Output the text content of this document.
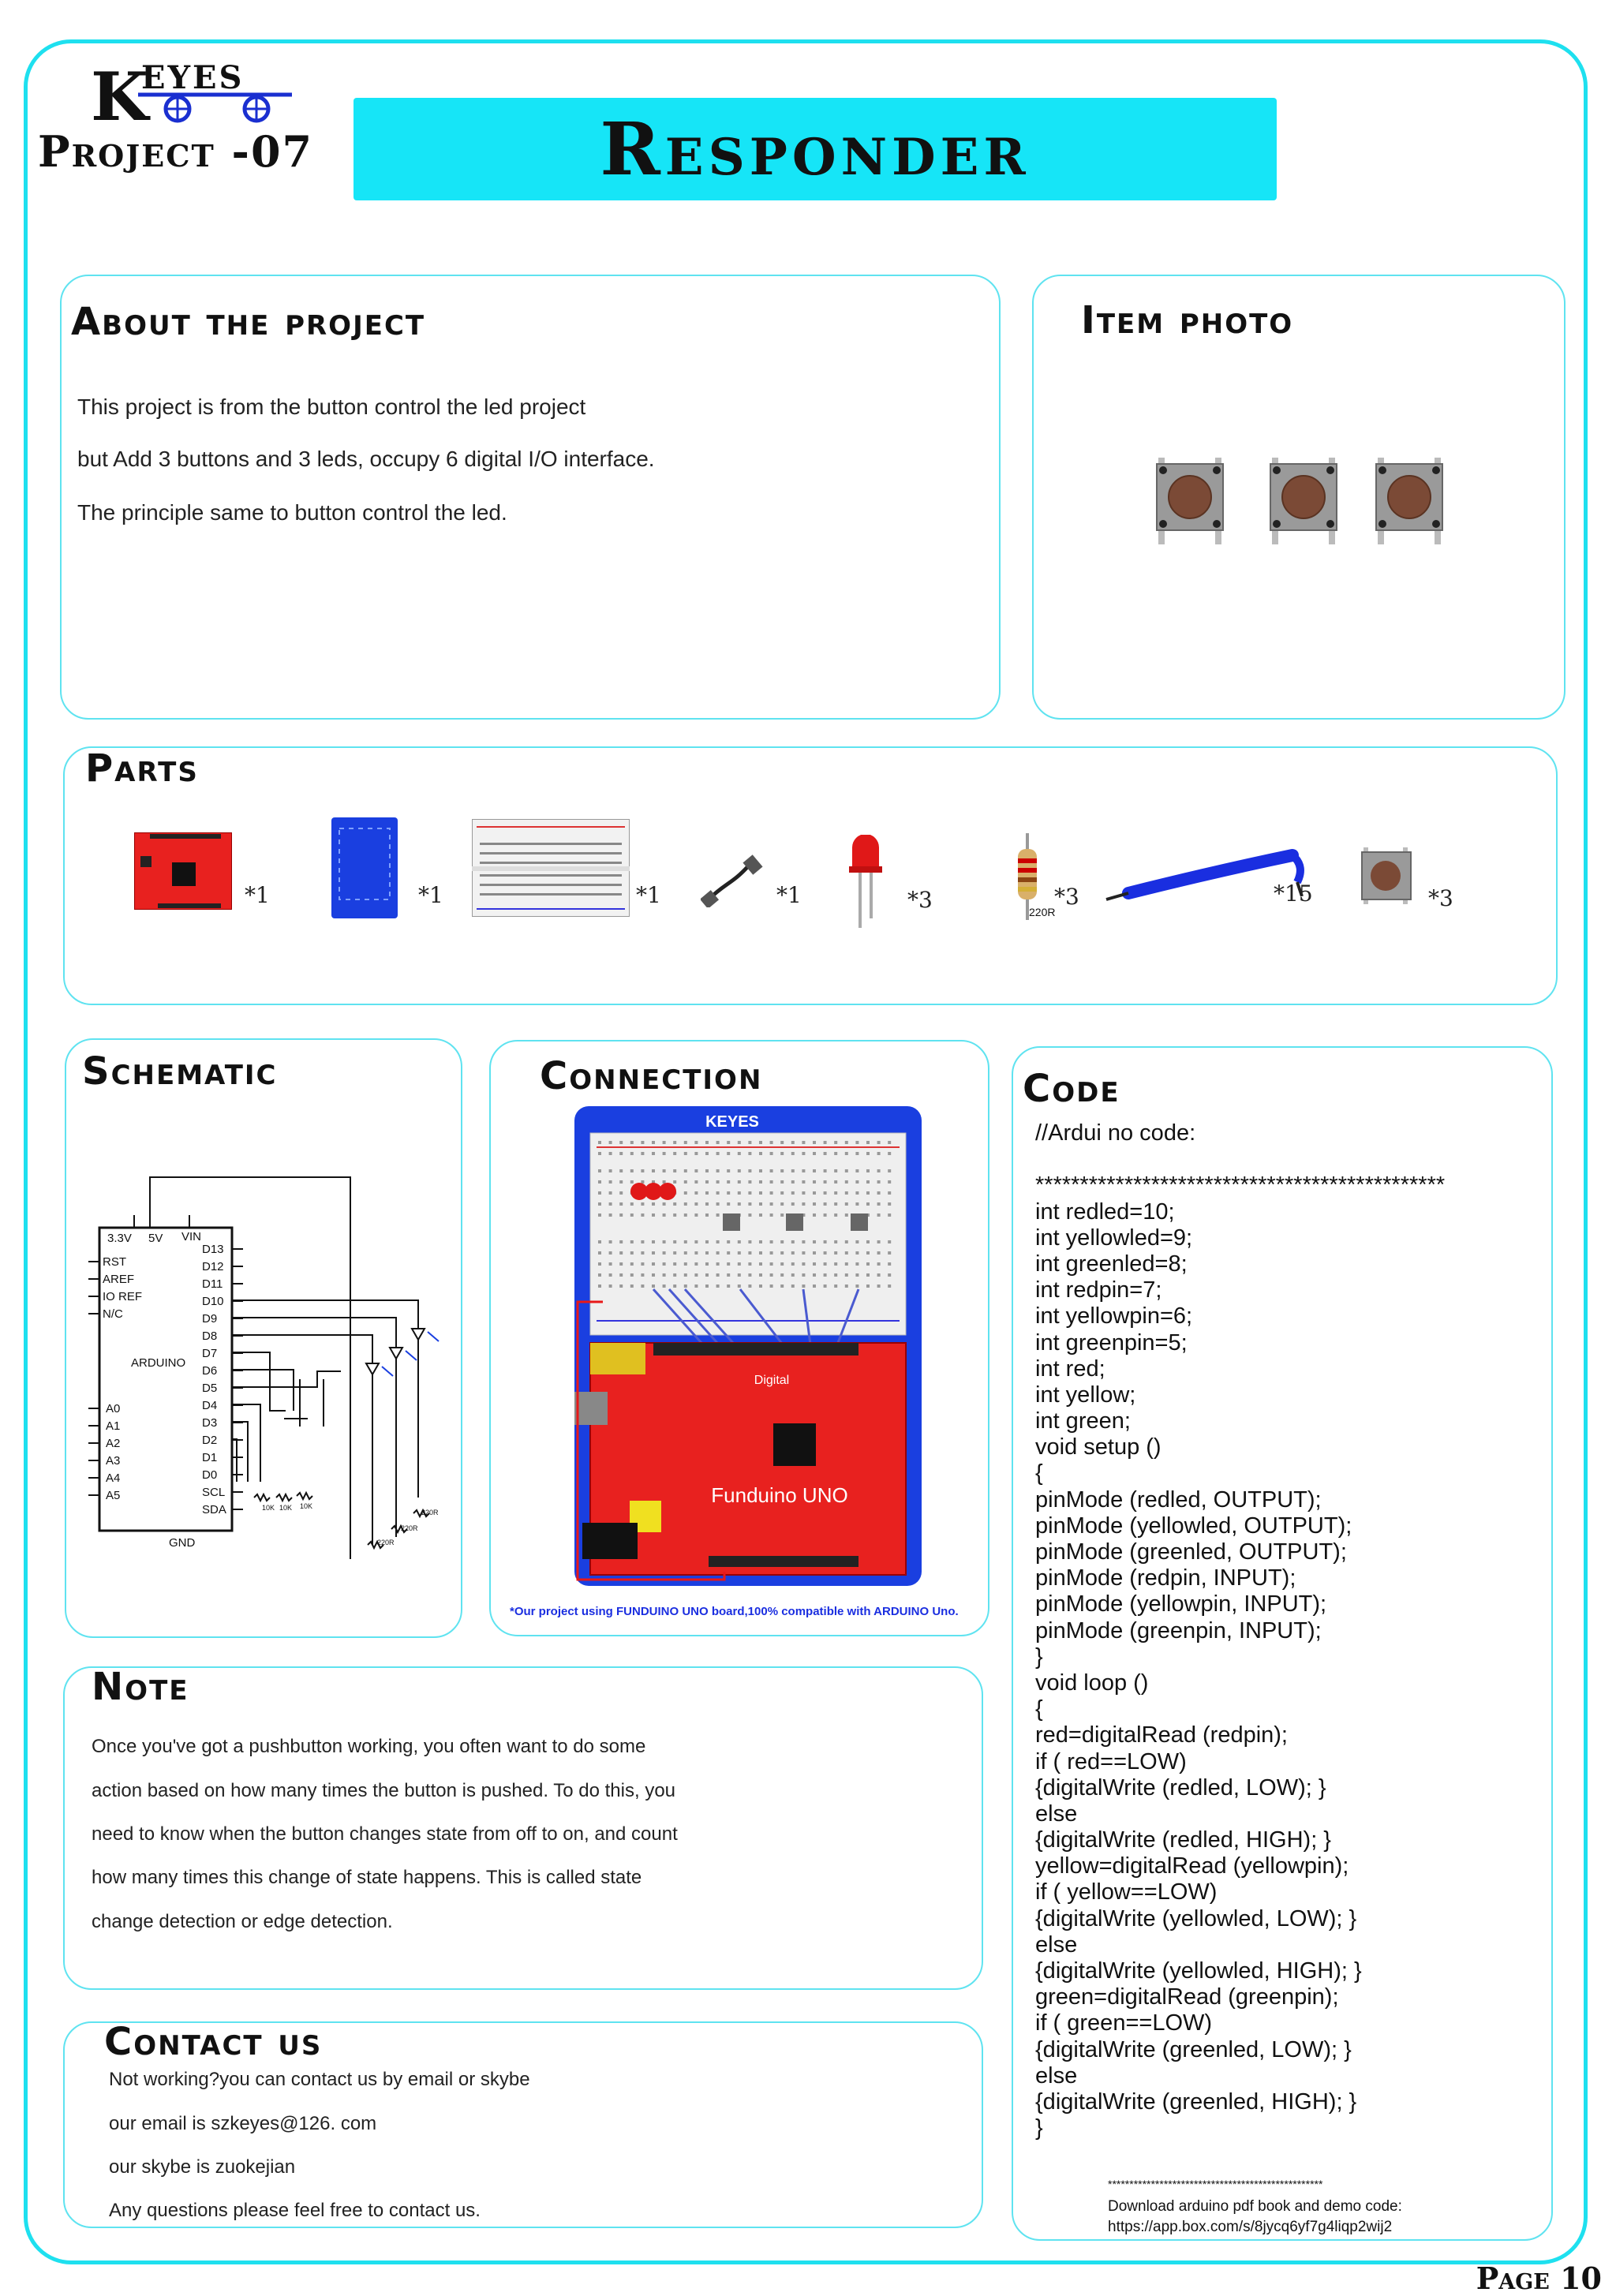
K
EYES
Project -07	Responder
About the project
This project is from the button control the led project
but Add 3 buttons and 3 leds, occupy 6 digital I/O interface.
The principle same to button control the led.
Item photo
Parts
*1	*1	*1	*1	*3	220R
*3	*15	*3
Schematic
3.3V 5V VIN
ARDUINO
GND
RST
AREF
IO REF
N/C
A0
A1
A2
A3
A4
A5
D13
D12
D11
D10
D9
D8
D7
D6
D5
D4
D3
D2
D1
D0
SCL
SDA	10K 10K 10K
220R
220R
220R
Connection
KEYES
Digital
Funduino UNO
*Our project using FUNDUINO UNO board,100% compatible with ARDUINO Uno.
Code
//Ardui no code:
**********************************************
int redled=10;
int yellowled=9;
int greenled=8;
int redpin=7;
int yellowpin=6;
int greenpin=5;
int red;
int yellow;
int green;
void setup ()
{
pinMode (redled, OUTPUT);
pinMode (yellowled, OUTPUT);
pinMode (greenled, OUTPUT);
pinMode (redpin, INPUT);
pinMode (yellowpin, INPUT);
pinMode (greenpin, INPUT);
}
void loop ()
{
red=digitalRead (redpin);
if ( red==LOW)
{digitalWrite (redled, LOW); }
else
{digitalWrite (redled, HIGH); }
yellow=digitalRead (yellowpin);
if ( yellow==LOW)
{digitalWrite (yellowled, LOW); }
else
{digitalWrite (yellowled, HIGH); }
green=digitalRead (greenpin);
if ( green==LOW)
{digitalWrite (greenled, LOW); }
else
{digitalWrite (greenled, HIGH); }
}
**************************************************
Download arduino pdf book and demo code:
https://app.box.com/s/8jycq6yf7g4liqp2wij2
Note
Once you've got a pushbutton working, you often want to do some
action based on how many times the button is pushed. To do this, you
need to know when the button changes state from off to on, and count
how many times this change of state happens. This is called state
change detection or edge detection.
Contact us
Not working?you can contact us by email or skybe
our email is szkeyes@126. com
our skybe is zuokejian
Any questions please feel free to contact us.
Page 10
